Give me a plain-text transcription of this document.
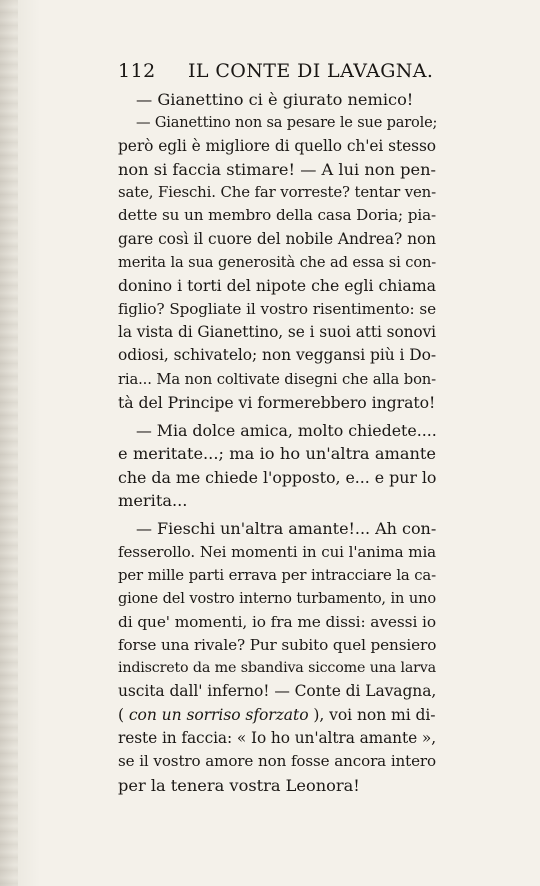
112 IL CONTE DI LAVAGNA.
— Gianettino ci è giurato nemico!
— Gianettino non sa pesare le sue parole;
però egli è migliore di quello ch'ei stesso
non si faccia stimare! — A lui non pen-
sate, Fieschi. Che far vorreste? tentar ven-
dette su un membro della casa Doria; pia-
gare così il cuore del nobile Andrea? non
merita la sua generosità che ad essa si con-
donino i torti del nipote che egli chiama
figlio? Spogliate il vostro risentimento: se
la vista di Gianettino, se i suoi atti sonovi
odiosi, schivatelo; non veggansi più i Do-
ria... Ma non coltivate disegni che alla bon-
tà del Principe vi formerebbero ingrato!
— Mia dolce amica, molto chiedete....
e meritate...; ma io ho un'altra amante
che da me chiede l'opposto, e... e pur lo
merita...
— Fieschi un'altra amante!... Ah con-
fesserollo. Nei momenti in cui l'anima mia
per mille parti errava per intracciare la ca-
gione del vostro interno turbamento, in uno
di que' momenti, io fra me dissi: avessi io
forse una rivale? Pur subito quel pensiero
indiscreto da me sbandiva siccome una larva
uscita dall' inferno! — Conte di Lavagna,
( con un sorriso sforzato ), voi non mi di-
reste in faccia: « Io ho un'altra amante »,
se il vostro amore non fosse ancora intero
per la tenera vostra Leonora!
